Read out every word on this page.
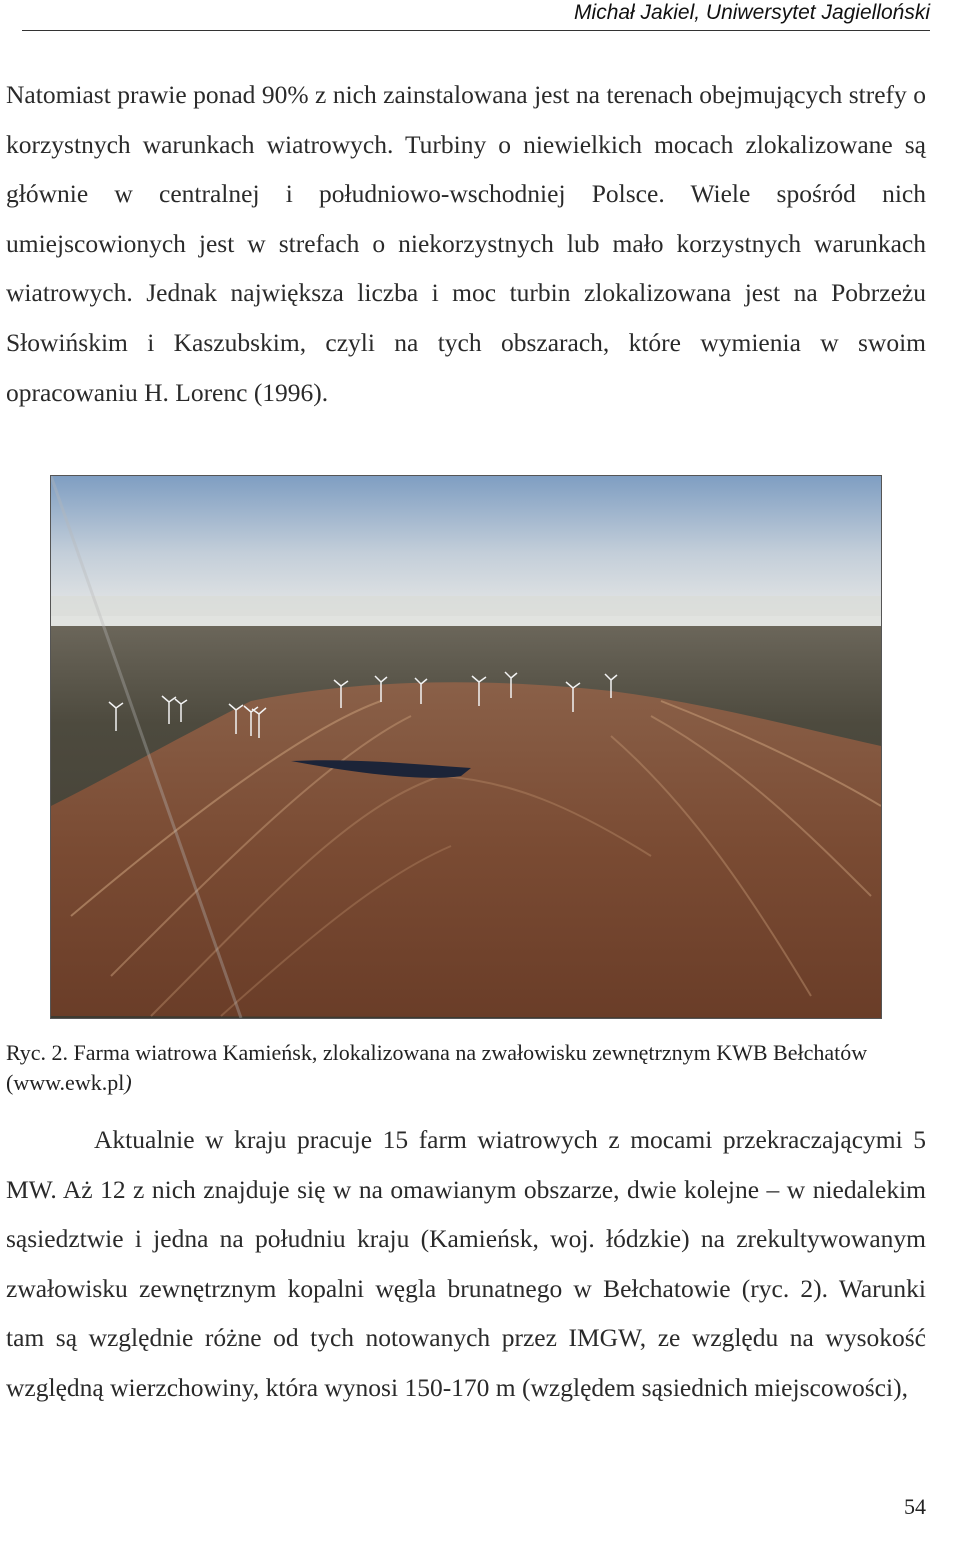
Michał Jakiel, Uniwersytet Jagielloński

Natomiast prawie ponad 90% z nich zainstalowana jest na terenach obejmujących strefy o korzystnych warunkach wiatrowych. Turbiny o niewielkich mocach zlokalizowane są głównie w centralnej i południowo-wschodniej Polsce. Wiele spośród nich umiejscowionych jest w strefach o niekorzystnych lub mało korzystnych warunkach wiatrowych. Jednak największa liczba i moc turbin zlokalizowana jest na Pobrzeżu Słowińskim i Kaszubskim, czyli na tych obszarach, które wymienia w swoim opracowaniu H. Lorenc (1996).

Ryc. 2. Farma wiatrowa Kamieńsk, zlokalizowana na zwałowisku zewnętrznym KWB Bełchatów (www.ewk.pl)

Aktualnie w kraju pracuje 15 farm wiatrowych z mocami przekraczającymi 5 MW. Aż 12 z nich znajduje się w na omawianym obszarze, dwie kolejne – w niedalekim sąsiedztwie i jedna na południu kraju (Kamieńsk, woj. łódzkie) na zrekultywowanym zwałowisku zewnętrznym kopalni węgla brunatnego w Bełchatowie (ryc. 2). Warunki tam są względnie różne od tych notowanych przez IMGW, ze względu na wysokość względną wierzchowiny, która wynosi 150-170 m (względem sąsiednich miejscowości),

54
